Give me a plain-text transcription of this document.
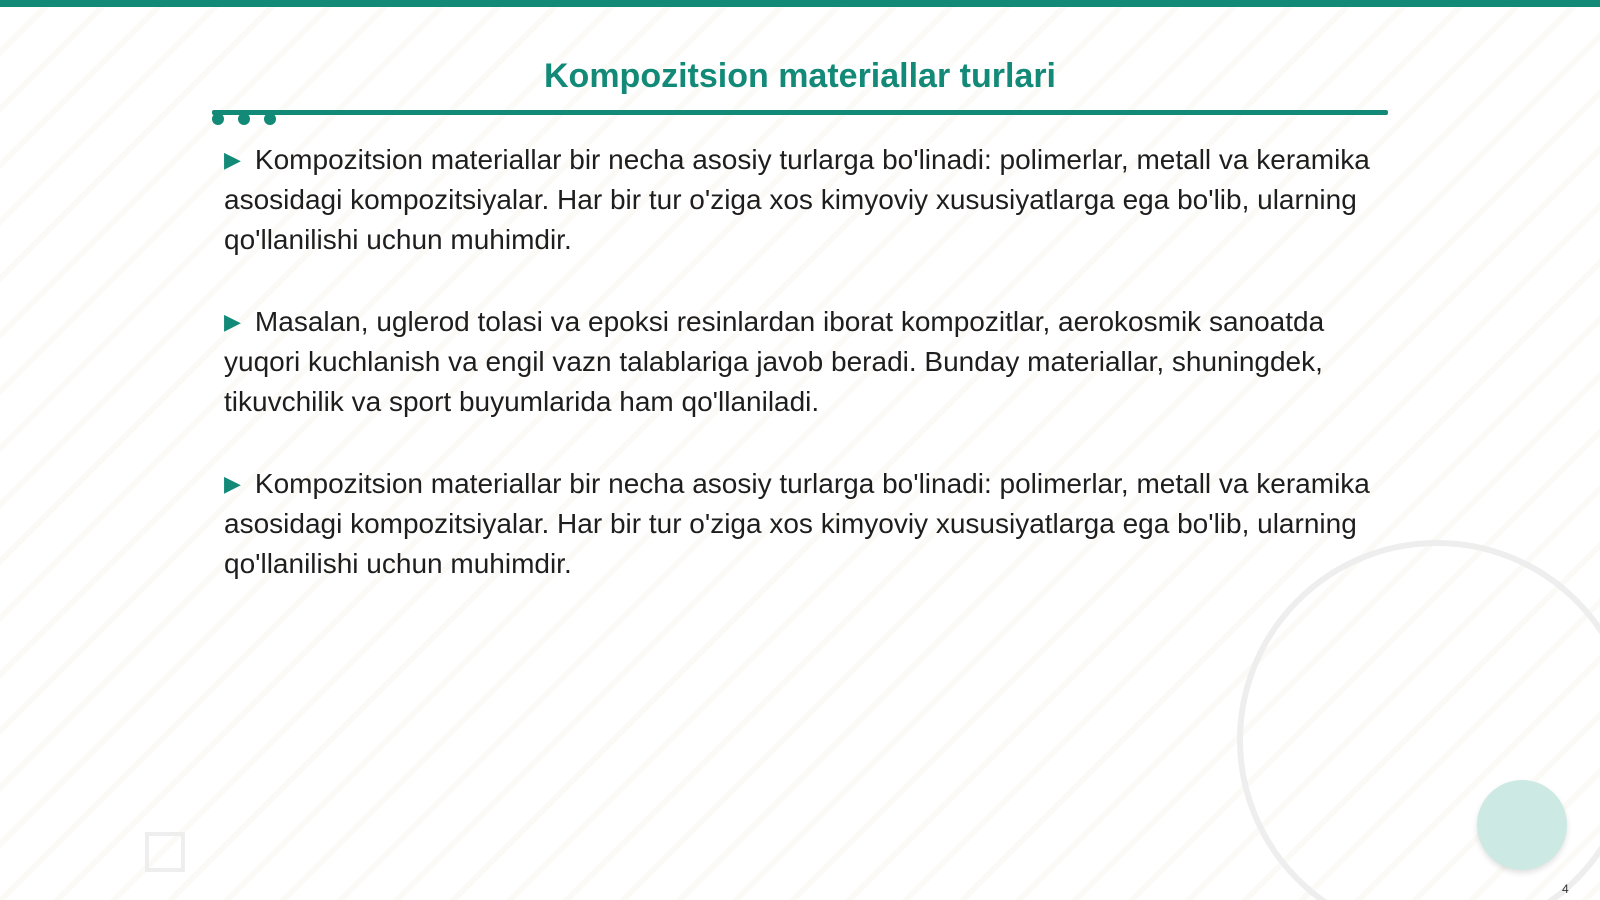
Kompozitsion materiallar turlari

▶ Kompozitsion materiallar bir necha asosiy turlarga bo'linadi: polimerlar, metall va keramika asosidagi kompozitsiyalar. Har bir tur o'ziga xos kimyoviy xususiyatlarga ega bo'lib, ularning qo'llanilishi uchun muhimdir.

▶ Masalan, uglerod tolasi va epoksi resinlardan iborat kompozitlar, aerokosmik sanoatda yuqori kuchlanish va engil vazn talablariga javob beradi. Bunday materiallar, shuningdek, tikuvchilik va sport buyumlarida ham qo'llaniladi.

▶ Kompozitsion materiallar bir necha asosiy turlarga bo'linadi: polimerlar, metall va keramika asosidagi kompozitsiyalar. Har bir tur o'ziga xos kimyoviy xususiyatlarga ega bo'lib, ularning qo'llanilishi uchun muhimdir.

4
